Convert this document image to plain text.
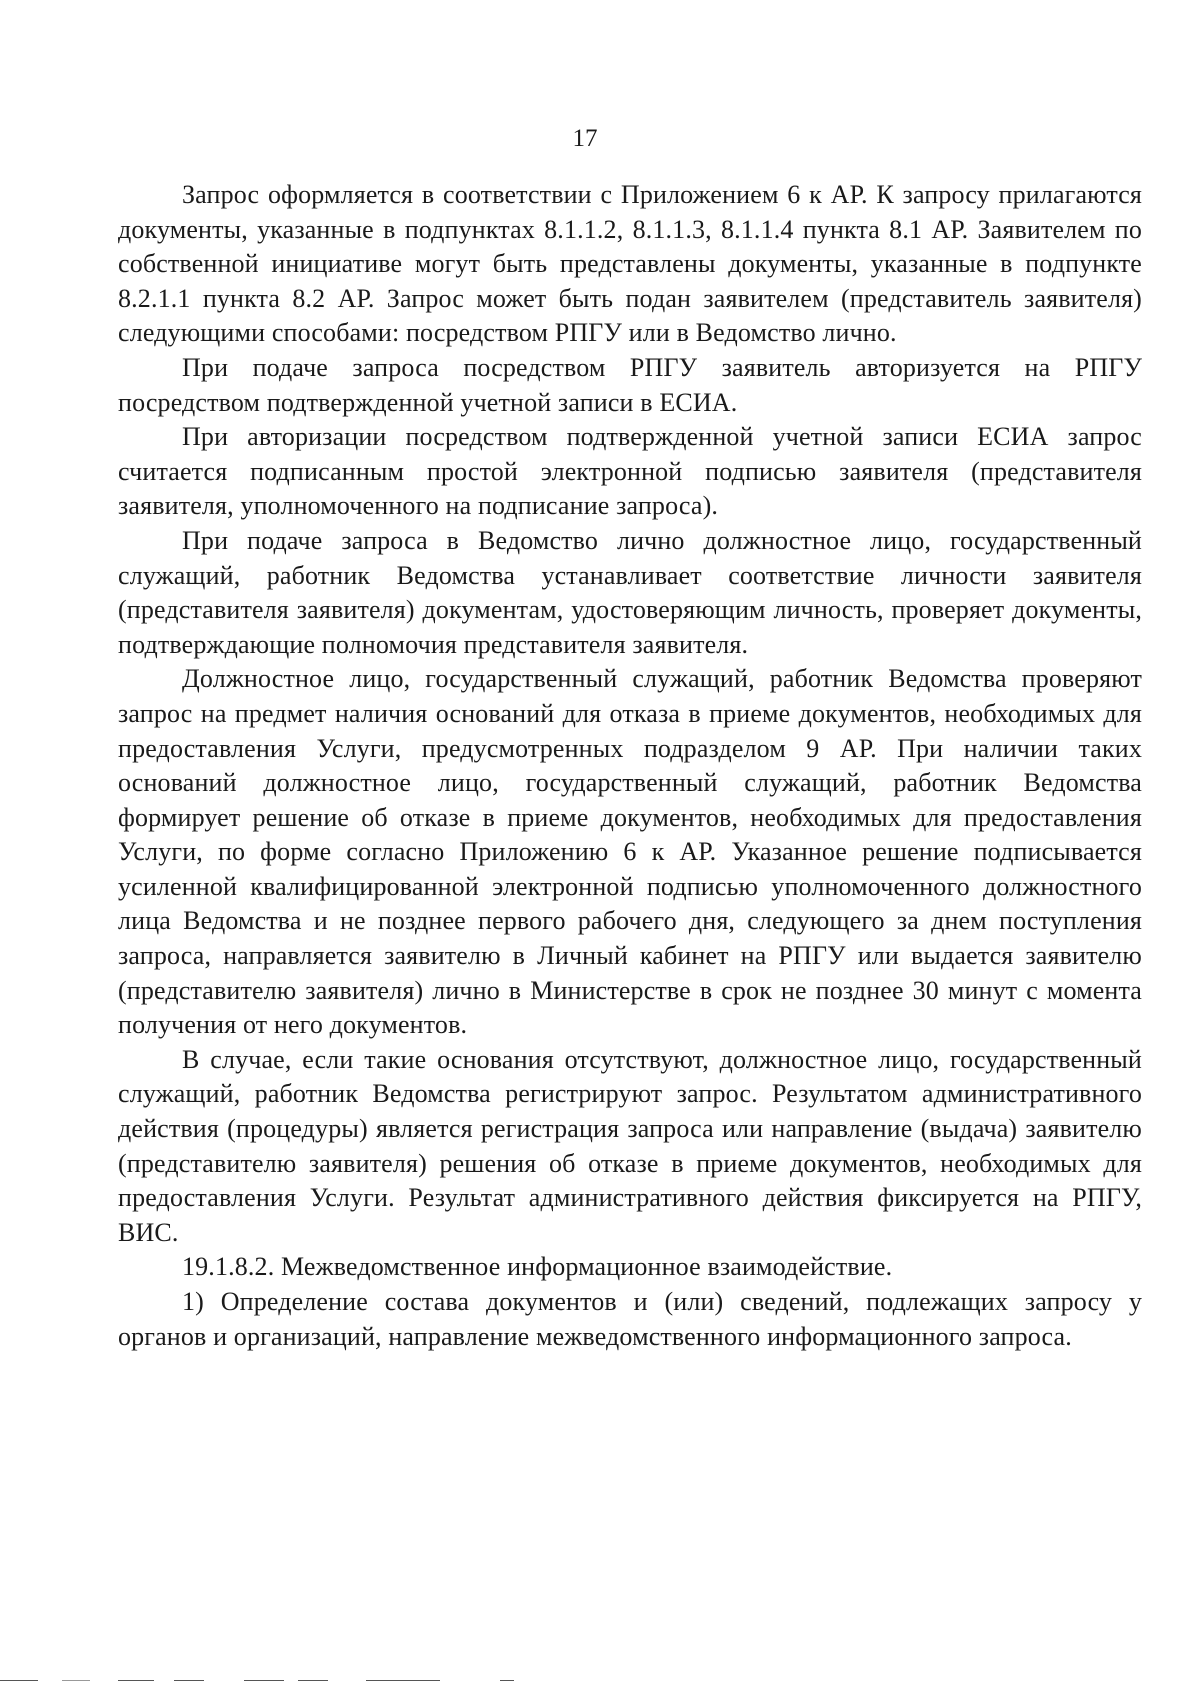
17

Запрос оформляется в соответствии с Приложением 6 к АР. К запросу прилагаются документы, указанные в подпунктах 8.1.1.2, 8.1.1.3, 8.1.1.4 пункта 8.1 АР. Заявителем по собственной инициативе могут быть представлены документы, указанные в подпункте 8.2.1.1 пункта 8.2 АР. Запрос может быть подан заявителем (представитель заявителя) следующими способами: посредством РПГУ или в Ведомство лично.

При подаче запроса посредством РПГУ заявитель авторизуется на РПГУ посредством подтвержденной учетной записи в ЕСИА.

При авторизации посредством подтвержденной учетной записи ЕСИА запрос считается подписанным простой электронной подписью заявителя (представителя заявителя, уполномоченного на подписание запроса).

При подаче запроса в Ведомство лично должностное лицо, государственный служащий, работник Ведомства устанавливает соответствие личности заявителя (представителя заявителя) документам, удостоверяющим личность, проверяет документы, подтверждающие полномочия представителя заявителя.

Должностное лицо, государственный служащий, работник Ведомства проверяют запрос на предмет наличия оснований для отказа в приеме документов, необходимых для предоставления Услуги, предусмотренных подразделом 9 АР. При наличии таких оснований должностное лицо, государственный служащий, работник Ведомства формирует решение об отказе в приеме документов, необходимых для предоставления Услуги, по форме согласно Приложению 6 к АР. Указанное решение подписывается усиленной квалифицированной электронной подписью уполномоченного должностного лица Ведомства и не позднее первого рабочего дня, следующего за днем поступления запроса, направляется заявителю в Личный кабинет на РПГУ или выдается заявителю (представителю заявителя) лично в Министерстве в срок не позднее 30 минут с момента получения от него документов.

В случае, если такие основания отсутствуют, должностное лицо, государственный служащий, работник Ведомства регистрируют запрос. Результатом административного действия (процедуры) является регистрация запроса или направление (выдача) заявителю (представителю заявителя) решения об отказе в приеме документов, необходимых для предоставления Услуги. Результат административного действия фиксируется на РПГУ, ВИС.

19.1.8.2. Межведомственное информационное взаимодействие.

1) Определение состава документов и (или) сведений, подлежащих запросу у органов и организаций, направление межведомственного информационного запроса.
